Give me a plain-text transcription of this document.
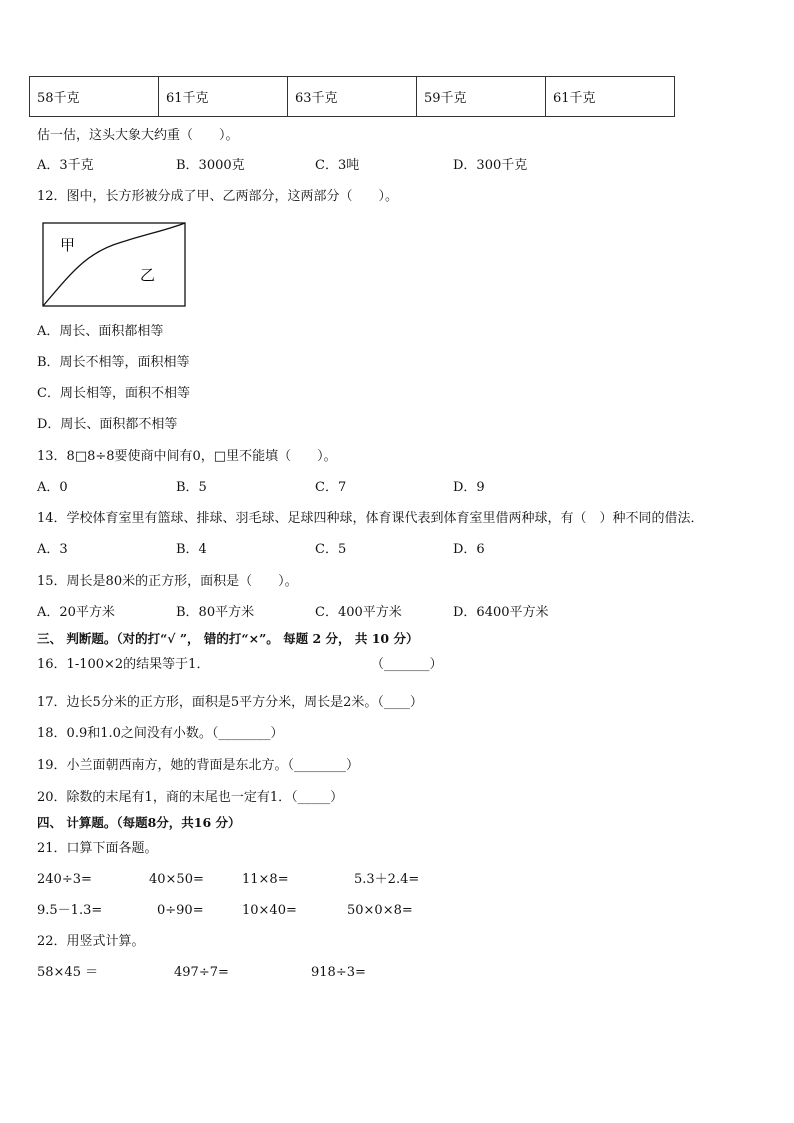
58千克	61千克	63千克	59千克	61千克
估一估，这头大象大约重（　　）。
A．3千克	B．3000克	C．3吨	D．300千克
12．图中，长方形被分成了甲、乙两部分，这两部分（　　）。
甲
乙
A．周长、面积都相等
B．周长不相等，面积相等
C．周长相等，面积不相等
D．周长、面积都不相等
13．8□8÷8要使商中间有0，□里不能填（　　）。
A．0	B．5	C．7	D．9
14．学校体育室里有篮球、排球、羽毛球、足球四种球，体育课代表到体育室里借两种球，有（　）种不同的借法．
A．3	B．4	C．5	D．6
15．周长是80米的正方形，面积是（　　）。
A．20平方米	B．80平方米	C．400平方米	D．6400平方米
三、 判断题。（对的打“√ ”， 错的打“×”。 每题 2 分， 共 10 分）
16．1-100×2的结果等于1．	（_______）
17．边长5分米的正方形，面积是5平方分米，周长是2米。（____）
18．0.9和1.0之间没有小数。（________）
19．小兰面朝西南方，她的背面是东北方。（________）
20．除数的末尾有1，商的末尾也一定有1．（_____）
四、 计算题。（每题8分，共16 分）
21．口算下面各题。
240÷3=	40×50=	11×8=	5.3＋2.4=
9.5－1.3=	0÷90=	10×40=	50×0×8=
22．用竖式计算。
58×45 ＝	497÷7=	918÷3=
